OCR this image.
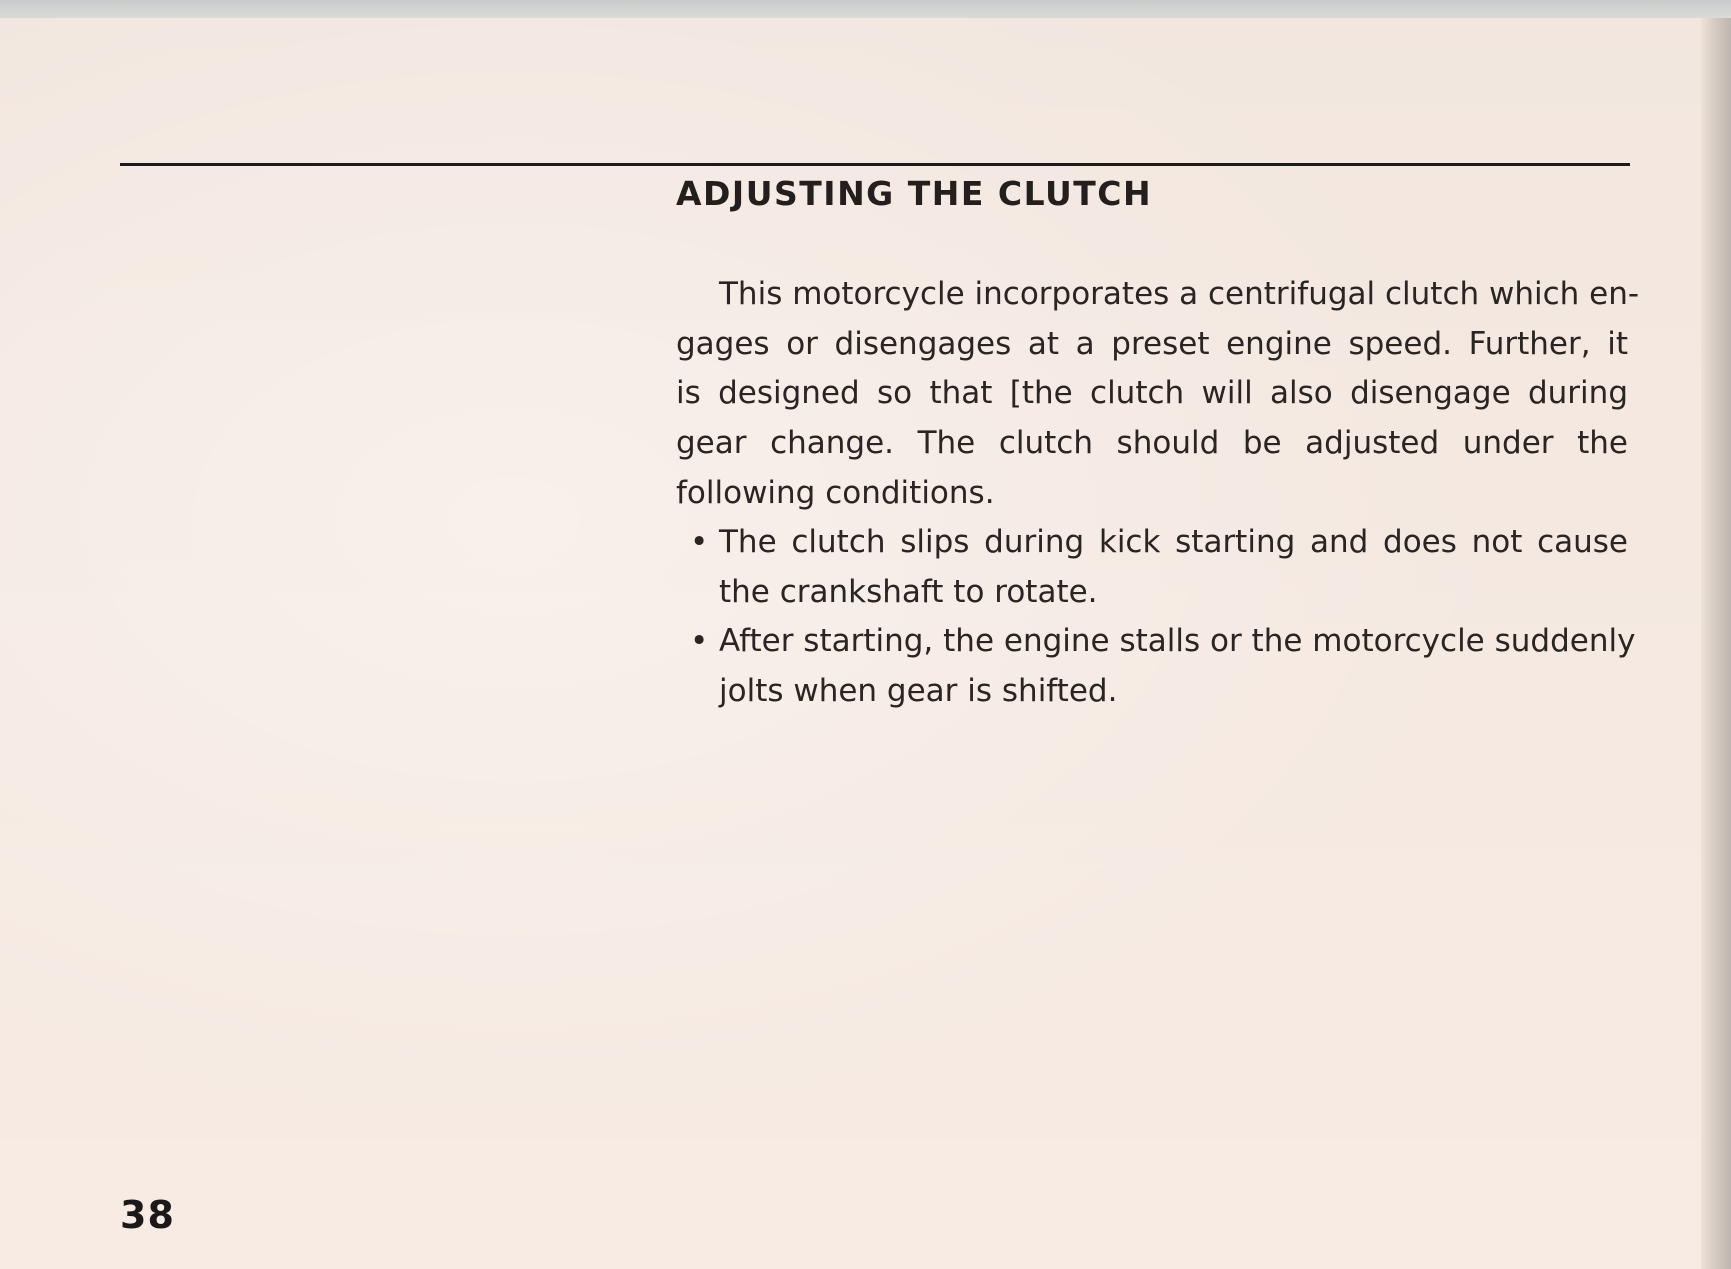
ADJUSTING THE CLUTCH
This motorcycle incorporates a centrifugal clutch which en-
gages or disengages at a preset engine speed. Further, it
is designed so that [the clutch will also disengage during
gear change. The clutch should be adjusted under the
following conditions.
• The clutch slips during kick starting and does not cause
the crankshaft to rotate.
• After starting, the engine stalls or the motorcycle suddenly
jolts when gear is shifted.
38
